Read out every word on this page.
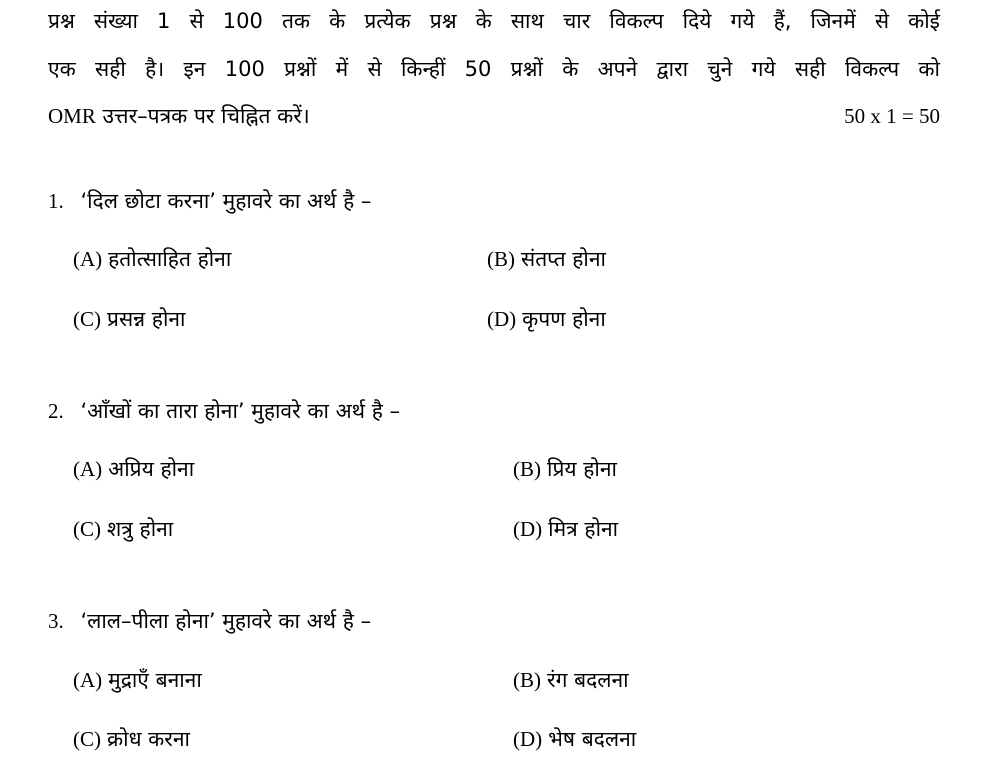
प्रश्न संख्या 1 से 100 तक के प्रत्येक प्रश्न के साथ चार विकल्प दिये गये हैं, जिनमें से कोई
एक सही है। इन 100 प्रश्नों में से किन्हीं 50 प्रश्नों के अपने द्वारा चुने गये सही विकल्प को
OMR उत्तर–पत्रक पर चिह्नित करें।	50 x 1 = 50
1. ‘दिल छोटा करना’ मुहावरे का अर्थ है –
(A) हतोत्साहित होना	(B) संतप्त होना
(C) प्रसन्न होना	(D) कृपण होना
2. ‘आँखों का तारा होना’ मुहावरे का अर्थ है –
(A) अप्रिय होना	(B) प्रिय होना
(C) शत्रु होना	(D) मित्र होना
3. ‘लाल–पीला होना’ मुहावरे का अर्थ है –
(A) मुद्राएँ बनाना	(B) रंग बदलना
(C) क्रोध करना	(D) भेष बदलना
